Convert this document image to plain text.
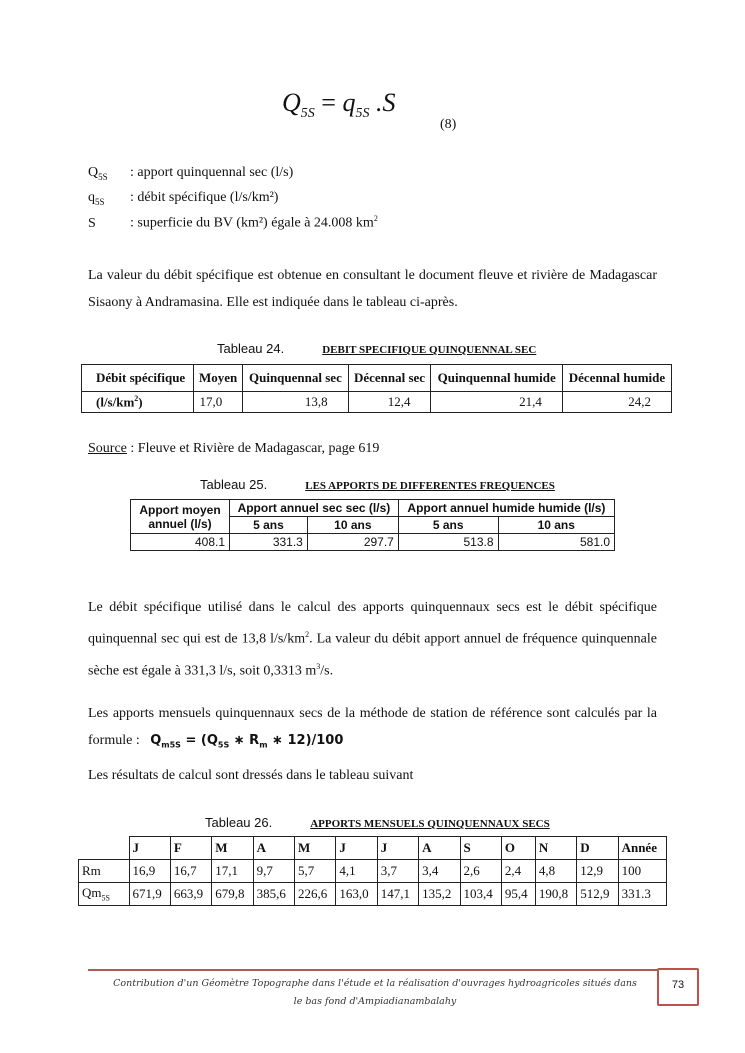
$Q_{5S} = q_{5S}$ .S
(8)
$Q_{5S}$ : apport quinquennal sec (l/s)
$q_{5S}$ : débit spécifique (l/s/km²)
S : superficie du BV (km²) égale à 24.008 $km^2$
La valeur du débit spécifique est obtenue en consultant le document fleuve et rivière de Madagascar Sisaony à Andramasina. Elle est indiquée dans le tableau ci-après.
Tableau 24.	DEBIT SPECIFIQUE QUINQUENNAL SEC
Débit spécifique	Moyen	Quinquennal sec	Décennal sec	Quinquennal humide	Décennal humide
$(l/s/km^2)$	17,0	13,8	12,4	21,4	24,2
Source : Fleuve et Rivière de Madagascar, page 619
Tableau 25.	LES APPORTS DE DIFFERENTES FREQUENCES
Apport moyen annuel (l/s)	Apport annuel sec sec (l/s)		Apport annuel humide humide (l/s)	
	5 ans	10 ans	5 ans	10 ans
408.1	331.3	297.7	513.8	581.0
Le débit spécifique utilisé dans le calcul des apports quinquennaux secs est le débit spécifique quinquennal sec qui est de 13,8 $l/s/km^2$. La valeur du débit apport annuel de fréquence quinquennale sèche est égale à 331,3 l/s, soit 0,3313 $m^3/s$.
Les apports mensuels quinquennaux secs de la méthode de station de référence sont calculés par la formule : $Q_{m5S} = (Q_{5S}$ ∗ $R_m$ ∗ 12)/100
Les résultats de calcul sont dressés dans le tableau suivant
Tableau 26.	APPORTS MENSUELS QUINQUENNAUX SECS
	J	F	M	A	M	J	J	A	S	O	N	D	Année
Rm	16,9	16,7	17,1	9,7	5,7	4,1	3,7	3,4	2,6	2,4	4,8	12,9	100
$Qm_{5S}$	671,9	663,9	679,8	385,6	226,6	163,0	147,1	135,2	103,4	95,4	190,8	512,9	331.3
Contribution d'un Géomètre Topographe dans l'étude et la réalisation d'ouvrages hydroagricoles situés dans le bas fond d'Ampiadianambalahy
73
